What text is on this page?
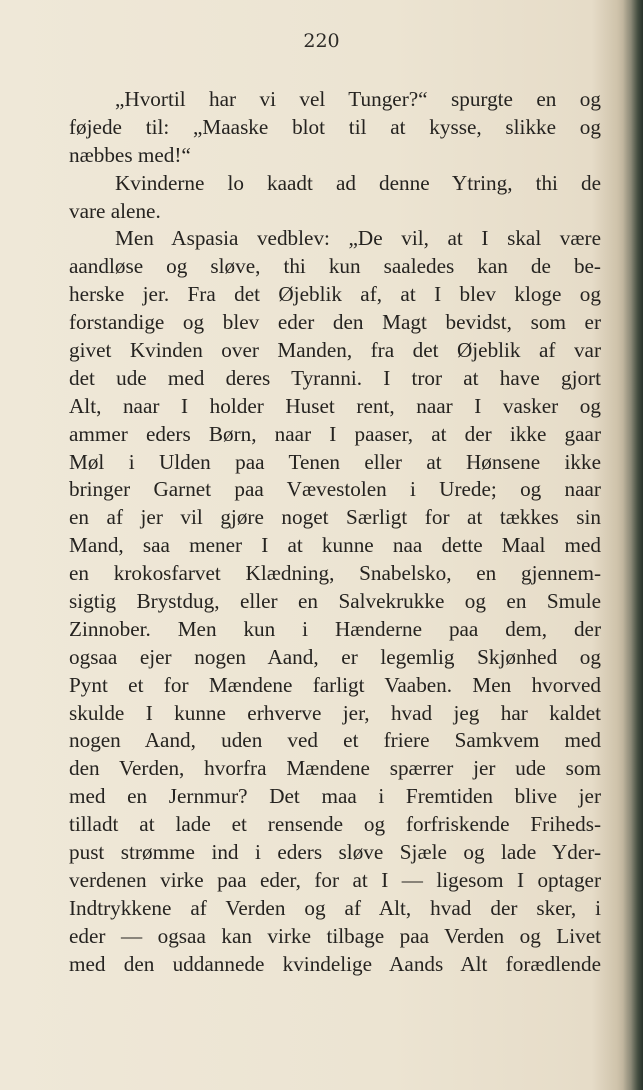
220
„Hvortil har vi vel Tunger?“ spurgte en og
føjede til: „Maaske blot til at kysse, slikke og
næbbes med!“
Kvinderne lo kaadt ad denne Ytring, thi de
vare alene.
Men Aspasia vedblev: „De vil, at I skal være
aandløse og sløve, thi kun saaledes kan de be-
herske jer. Fra det Øjeblik af, at I blev kloge og
forstandige og blev eder den Magt bevidst, som er
givet Kvinden over Manden, fra det Øjeblik af var
det ude med deres Tyranni. I tror at have gjort
Alt, naar I holder Huset rent, naar I vasker og
ammer eders Børn, naar I paaser, at der ikke gaar
Møl i Ulden paa Tenen eller at Hønsene ikke
bringer Garnet paa Vævestolen i Urede; og naar
en af jer vil gjøre noget Særligt for at tækkes sin
Mand, saa mener I at kunne naa dette Maal med
en krokosfarvet Klædning, Snabelsko, en gjennem-
sigtig Brystdug, eller en Salvekrukke og en Smule
Zinnober. Men kun i Hænderne paa dem, der
ogsaa ejer nogen Aand, er legemlig Skjønhed og
Pynt et for Mændene farligt Vaaben. Men hvorved
skulde I kunne erhverve jer, hvad jeg har kaldet
nogen Aand, uden ved et friere Samkvem med
den Verden, hvorfra Mændene spærrer jer ude som
med en Jernmur? Det maa i Fremtiden blive jer
tilladt at lade et rensende og forfriskende Friheds-
pust strømme ind i eders sløve Sjæle og lade Yder-
verdenen virke paa eder, for at I — ligesom I optager
Indtrykkene af Verden og af Alt, hvad der sker, i
eder — ogsaa kan virke tilbage paa Verden og Livet
med den uddannede kvindelige Aands Alt forædlende
